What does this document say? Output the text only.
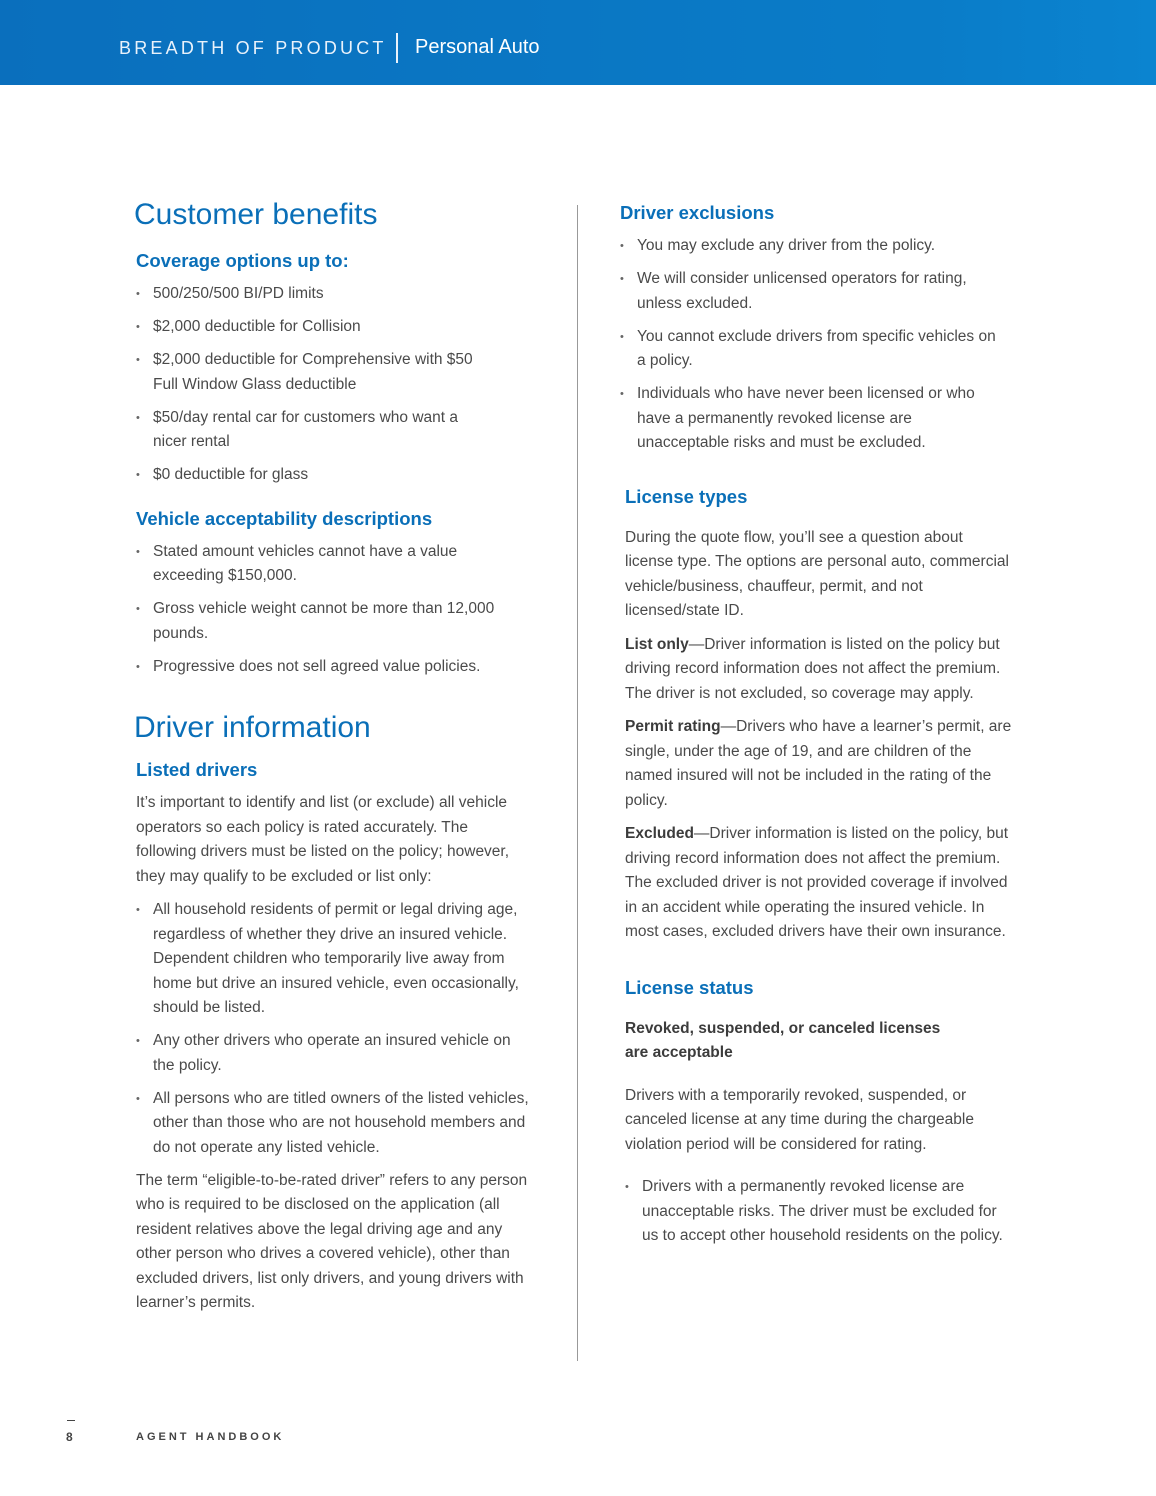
BREADTH OF PRODUCT Personal Auto
Customer benefits
Coverage options up to:
• 500/250/500 BI/PD limits
• $2,000 deductible for Collision
• $2,000 deductible for Comprehensive with $50 Full Window Glass deductible
• $50/day rental car for customers who want a nicer rental
• $0 deductible for glass
Vehicle acceptability descriptions
• Stated amount vehicles cannot have a value exceeding $150,000.
• Gross vehicle weight cannot be more than 12,000 pounds.
• Progressive does not sell agreed value policies.
Driver information
Listed drivers

It’s important to identify and list (or exclude) all vehicle operators so each policy is rated accurately. The following drivers must be listed on the policy; however, they may qualify to be excluded or list only:

• All household residents of permit or legal driving age, regardless of whether they drive an insured vehicle. Dependent children who temporarily live away from home but drive an insured vehicle, even occasionally, should be listed.
• Any other drivers who operate an insured vehicle on the policy.
• All persons who are titled owners of the listed vehicles, other than those who are not household members and do not operate any listed vehicle.

The term “eligible-to-be-rated driver” refers to any person who is required to be disclosed on the application (all resident relatives above the legal driving age and any other person who drives a covered vehicle), other than excluded drivers, list only drivers, and young drivers with learner’s permits.

Driver exclusions
• You may exclude any driver from the policy.
• We will consider unlicensed operators for rating, unless excluded.
• You cannot exclude drivers from specific vehicles on a policy.
• Individuals who have never been licensed or who have a permanently revoked license are unacceptable risks and must be excluded.
License types

During the quote flow, you’ll see a question about license type. The options are personal auto, commercial vehicle/business, chauffeur, permit, and not licensed/state ID.

List only—Driver information is listed on the policy but driving record information does not affect the premium. The driver is not excluded, so coverage may apply.

Permit rating—Drivers who have a learner’s permit, are single, under the age of 19, and are children of the named insured will not be included in the rating of the policy.

Excluded—Driver information is listed on the policy, but driving record information does not affect the premium. The excluded driver is not provided coverage if involved in an accident while operating the insured vehicle. In most cases, excluded drivers have their own insurance.

License status

Revoked, suspended, or canceled licenses are acceptable

Drivers with a temporarily revoked, suspended, or canceled license at any time during the chargeable violation period will be considered for rating.

• Drivers with a permanently revoked license are unacceptable risks. The driver must be excluded for us to accept other household residents on the policy.
8	AGENT HANDBOOK
